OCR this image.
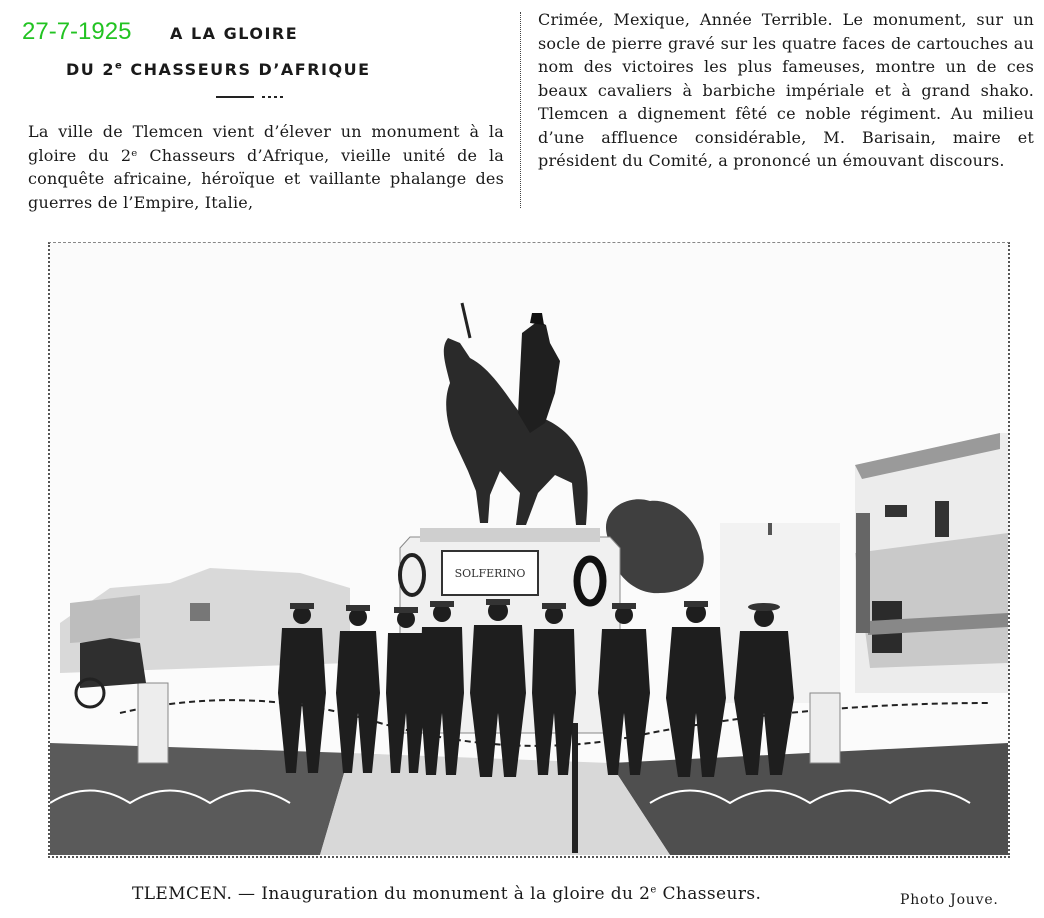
27-7-1925 A LA GLOIRE
DU 2e CHASSEURS D’AFRIQUE
La ville de Tlemcen vient d’élever un monument à la gloire du 2ᵉ Chasseurs d’Afrique, vieille unité de la conquête africaine, héroïque et vaillante phalange des guerres de l’Empire, Italie,
Crimée, Mexique, Année Terrible. Le monument, sur un socle de pierre gravé sur les quatre faces de cartouches au nom des victoires les plus fameuses, montre un de ces beaux cavaliers à barbiche impériale et à grand shako. Tlemcen a dignement fêté ce noble régiment. Au milieu d’une affluence considérable, M. Barisain, maire et président du Comité, a prononcé un émouvant discours.
SOLFERINO
TLEMCEN. — Inauguration du monument à la gloire du 2e Chasseurs.	Photo Jouve.
